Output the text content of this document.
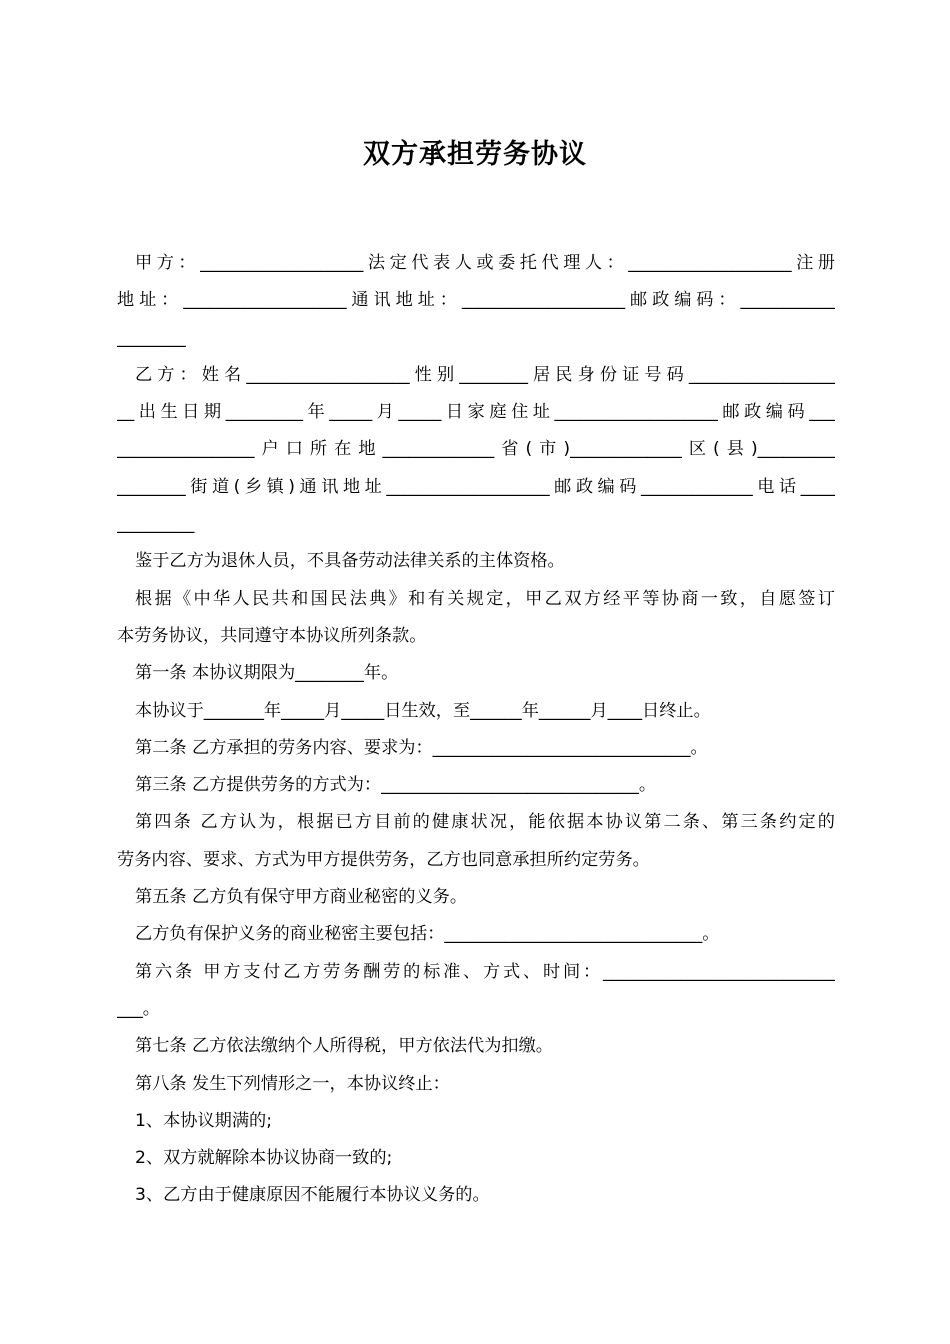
双方承担劳务协议
甲方：___________________法定代表人或委托代理人：___________________注册
地址：___________________通讯地址：___________________邮政编码：___________
________
乙方：姓名___________________性别________居民身份证号码_________________
__出生日期_________年_____月_____日家庭住址___________________邮政编码___
________________户口所在地_____________省(市)_____________区(县)_________
________街道(乡镇)通讯地址___________________邮政编码_____________电话____
_________
鉴于乙方为退休人员，不具备劳动法律关系的主体资格。
根据《中华人民共和国民法典》和有关规定，甲乙双方经平等协商一致，自愿签订
本劳务协议，共同遵守本协议所列条款。
第一条 本协议期限为________年。
本协议于_______年_____月_____日生效，至______年______月____日终止。
第二条 乙方承担的劳务内容、要求为：______________________________。
第三条 乙方提供劳务的方式为：______________________________。
第四条 乙方认为，根据已方目前的健康状况，能依据本协议第二条、第三条约定的
劳务内容、要求、方式为甲方提供劳务，乙方也同意承担所约定劳务。
第五条 乙方负有保守甲方商业秘密的义务。
乙方负有保护义务的商业秘密主要包括：______________________________。
第六条 甲方支付乙方劳务酬劳的标准、方式、时间：___________________________
___。
第七条 乙方依法缴纳个人所得税，甲方依法代为扣缴。
第八条 发生下列情形之一，本协议终止：
1、本协议期满的;
2、双方就解除本协议协商一致的;
3、乙方由于健康原因不能履行本协议义务的。
